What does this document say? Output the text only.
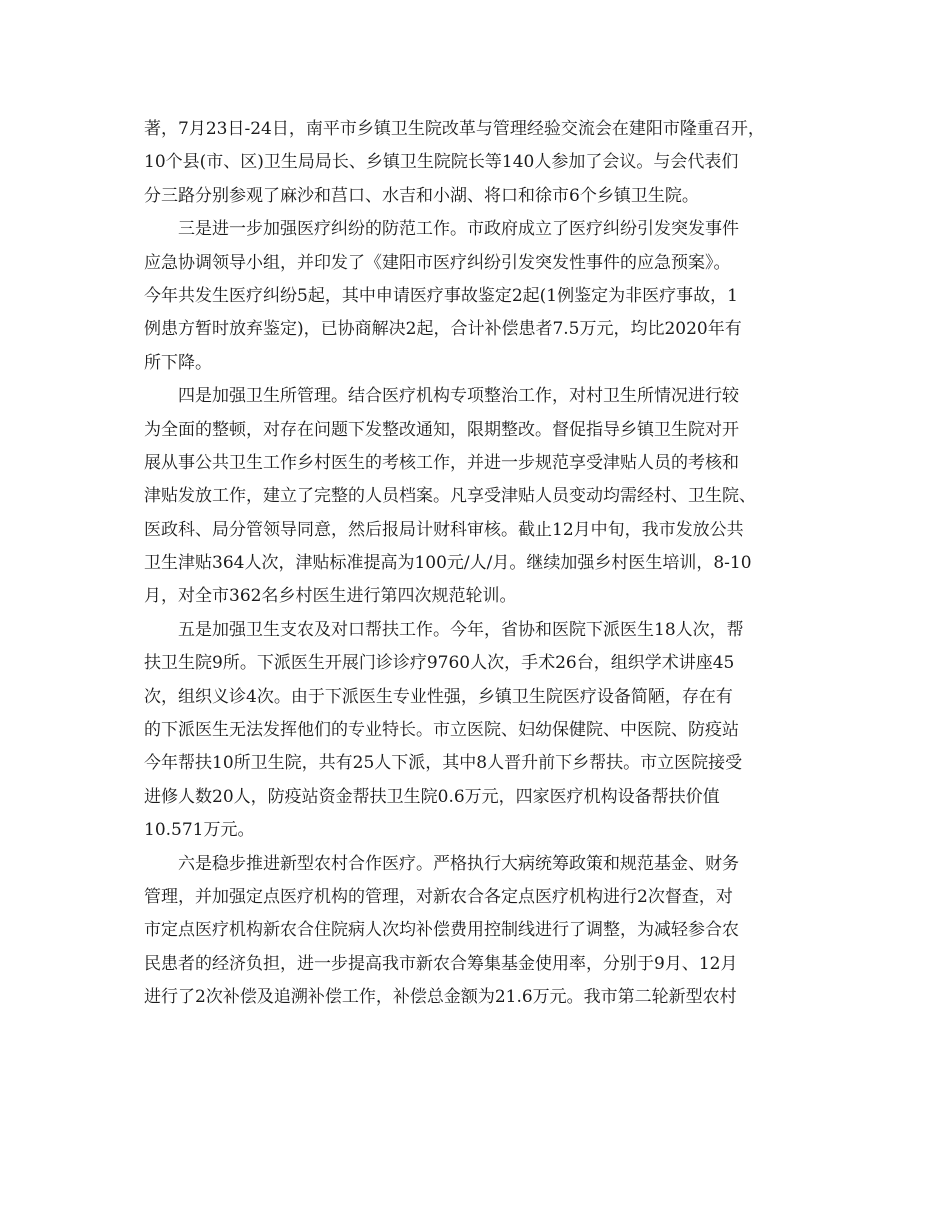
著，7月23日-24日，南平市乡镇卫生院改革与管理经验交流会在建阳市隆重召开，
10个县(市、区)卫生局局长、乡镇卫生院院长等140人参加了会议。与会代表们
分三路分别参观了麻沙和莒口、水吉和小湖、将口和徐市6个乡镇卫生院。
　　三是进一步加强医疗纠纷的防范工作。市政府成立了医疗纠纷引发突发事件
应急协调领导小组，并印发了《建阳市医疗纠纷引发突发性事件的应急预案》。
今年共发生医疗纠纷5起，其中申请医疗事故鉴定2起(1例鉴定为非医疗事故，1
例患方暂时放弃鉴定)，已协商解决2起，合计补偿患者7.5万元，均比2020年有
所下降。
　　四是加强卫生所管理。结合医疗机构专项整治工作，对村卫生所情况进行较
为全面的整顿，对存在问题下发整改通知，限期整改。督促指导乡镇卫生院对开
展从事公共卫生工作乡村医生的考核工作，并进一步规范享受津贴人员的考核和
津贴发放工作，建立了完整的人员档案。凡享受津贴人员变动均需经村、卫生院、
医政科、局分管领导同意，然后报局计财科审核。截止12月中旬，我市发放公共
卫生津贴364人次，津贴标准提高为100元/人/月。继续加强乡村医生培训，8-10
月，对全市362名乡村医生进行第四次规范轮训。
　　五是加强卫生支农及对口帮扶工作。今年，省协和医院下派医生18人次，帮
扶卫生院9所。下派医生开展门诊诊疗9760人次，手术26台，组织学术讲座45
次，组织义诊4次。由于下派医生专业性强，乡镇卫生院医疗设备简陋，存在有
的下派医生无法发挥他们的专业特长。市立医院、妇幼保健院、中医院、防疫站
今年帮扶10所卫生院，共有25人下派，其中8人晋升前下乡帮扶。市立医院接受
进修人数20人，防疫站资金帮扶卫生院0.6万元，四家医疗机构设备帮扶价值
10.571万元。
　　六是稳步推进新型农村合作医疗。严格执行大病统筹政策和规范基金、财务
管理，并加强定点医疗机构的管理，对新农合各定点医疗机构进行2次督查，对
市定点医疗机构新农合住院病人次均补偿费用控制线进行了调整，为减轻参合农
民患者的经济负担，进一步提高我市新农合筹集基金使用率，分别于9月、12月
进行了2次补偿及追溯补偿工作，补偿总金额为21.6万元。我市第二轮新型农村
